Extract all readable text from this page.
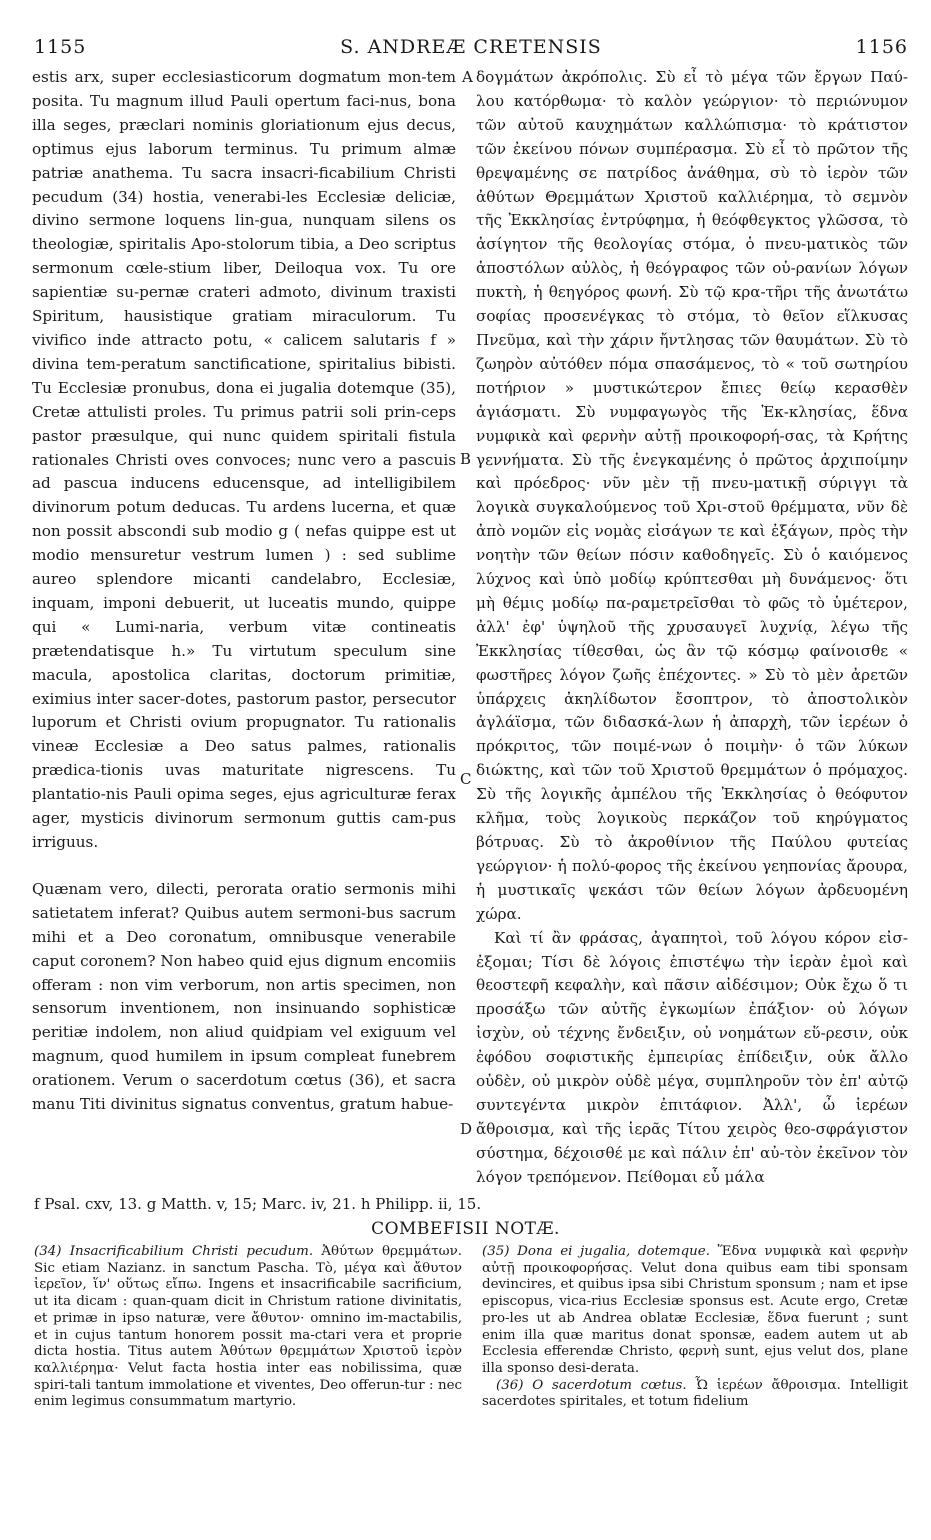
1155	S. ANDREÆ CRETENSIS	1156

estis arx, super ecclesiasticorum dogmatum mon-tem posita. Tu magnum illud Pauli opertum faci-nus, bona illa seges, præclari nominis gloriationum ejus decus, optimus ejus laborum terminus. Tu primum almæ patriæ anathema. Tu sacra insacri-ficabilium Christi pecudum (34) hostia, venerabi-les Ecclesiæ deliciæ, divino sermone loquens lin-gua, nunquam silens os theologiæ, spiritalis Apo-stolorum tibia, a Deo scriptus sermonum cœle-stium liber, Deiloqua vox. Tu ore sapientiæ su-pernæ crateri admoto, divinum traxisti Spiritum, hausistique gratiam miraculorum. Tu vivifico inde attracto potu, « calicem salutaris f » divina tem-peratum sanctificatione, spiritalius bibisti. Tu Ecclesiæ pronubus, dona ei jugalia dotemque (35), Cretæ attulisti proles. Tu primus patrii soli prin-ceps pastor præsulque, qui nunc quidem spiritali fistula rationales Christi oves convoces; nunc vero a pascuis ad pascua inducens educensque, ad intelligibilem divinorum potum deducas. Tu ardens lucerna, et quæ non possit abscondi sub modio g ( nefas quippe est ut modio mensuretur vestrum lumen ) : sed sublime aureo splendore micanti candelabro, Ecclesiæ, inquam, imponi debuerit, ut luceatis mundo, quippe qui « Lumi-naria, verbum vitæ contineatis prætendatisque h.» Tu virtutum speculum sine macula, apostolica claritas, doctorum primitiæ, eximius inter sacer-dotes, pastorum pastor, persecutor luporum et Christi ovium propugnator. Tu rationalis vineæ Ecclesiæ a Deo satus palmes, rationalis prædica-tionis uvas maturitate nigrescens. Tu plantatio-nis Pauli opima seges, ejus agriculturæ ferax ager, mysticis divinorum sermonum guttis cam-pus irriguus.

Quænam vero, dilecti, perorata oratio sermonis mihi satietatem inferat? Quibus autem sermoni-bus sacrum mihi et a Deo coronatum, omnibusque venerabile caput coronem? Non habeo quid ejus dignum encomiis offeram : non vim verborum, non artis specimen, non sensorum inventionem, non insinuando sophisticæ peritiæ indolem, non aliud quidpiam vel exiguum vel magnum, quod humilem in ipsum compleat funebrem orationem. Verum o sacerdotum cœtus (36), et sacra manu Titi divinitus signatus conventus, gratum habue-

A
B
C
D

δογμάτων ἀκρόπολις. Σὺ εἶ τὸ μέγα τῶν ἔργων Παύ-λου κατόρθωμα· τὸ καλὸν γεώργιον· τὸ περιώνυμον τῶν αὐτοῦ καυχημάτων καλλώπισμα· τὸ κράτιστον τῶν ἐκείνου πόνων συμπέρασμα. Σὺ εἶ τὸ πρῶτον τῆς θρεψαμένης σε πατρίδος ἀνάθημα, σὺ τὸ ἱερὸν τῶν ἀθύτων Θρεμμάτων Χριστοῦ καλλιέρημα, τὸ σεμνὸν τῆς Ἐκκλησίας ἐντρύφημα, ἡ θεόφθεγκτος γλῶσσα, τὸ ἀσίγητον τῆς θεολογίας στόμα, ὁ πνευ-ματικὸς τῶν ἀποστόλων αὐλὸς, ἡ θεόγραφος τῶν οὐ-ρανίων λόγων πυκτὴ, ἡ θεηγόρος φωνή. Σὺ τῷ κρα-τῆρι τῆς ἀνωτάτω σοφίας προσενέγκας τὸ στόμα, τὸ θεῖον εἵλκυσας Πνεῦμα, καὶ τὴν χάριν ἤντλησας τῶν θαυμάτων. Σὺ τὸ ζωηρὸν αὐτόθεν πόμα σπασάμενος, τὸ « τοῦ σωτηρίου ποτήριον » μυστικώτερον ἔπιες θείῳ κερασθὲν ἁγιάσματι. Σὺ νυμφαγωγὸς τῆς Ἐκ-κλησίας, ἕδνα νυμφικὰ καὶ φερνὴν αὐτῇ προικοφορή-σας, τὰ Κρήτης γεννήματα. Σὺ τῆς ἐνεγκαμένης ὁ πρῶτος ἀρχιποίμην καὶ πρόεδρος· νῦν μὲν τῇ πνευ-ματικῇ σύριγγι τὰ λογικὰ συγκαλούμενος τοῦ Χρι-στοῦ θρέμματα, νῦν δὲ ἀπὸ νομῶν εἰς νομὰς εἰσάγων τε καὶ ἐξάγων, πρὸς τὴν νοητὴν τῶν θείων πόσιν καθοδηγεῖς. Σὺ ὁ καιόμενος λύχνος καὶ ὑπὸ μοδίῳ κρύπτεσθαι μὴ δυνάμενος· ὅτι μὴ θέμις μοδίῳ πα-ραμετρεῖσθαι τὸ φῶς τὸ ὑμέτερον, ἀλλ' ἐφ' ὑψηλοῦ τῆς χρυσαυγεῖ λυχνίᾳ, λέγω τῆς Ἐκκλησίας τίθεσθαι, ὡς ἂν τῷ κόσμῳ φαίνοισθε « φωστῆρες λόγον ζωῆς ἐπέχοντες. » Σὺ τὸ μὲν ἀρετῶν ὑπάρχεις ἀκηλίδωτον ἔσοπτρον, τὸ ἀποστολικὸν ἀγλάϊσμα, τῶν διδασκά-λων ἡ ἀπαρχὴ, τῶν ἱερέων ὁ πρόκριτος, τῶν ποιμέ-νων ὁ ποιμὴν· ὁ τῶν λύκων διώκτης, καὶ τῶν τοῦ Χριστοῦ θρεμμάτων ὁ πρόμαχος. Σὺ τῆς λογικῆς ἀμπέλου τῆς Ἐκκλησίας ὁ θεόφυτον κλῆμα, τοὺς λογικοὺς περκάζον τοῦ κηρύγματος βότρυας. Σὺ τὸ ἀκροθίνιον τῆς Παύλου φυτείας γεώργιον· ἡ πολύ-φορος τῆς ἐκείνου γεηπονίας ἄρουρα, ἡ μυστικαῖς ψεκάσι τῶν θείων λόγων ἀρδευομένη χώρα.

Καὶ τί ἂν φράσας, ἀγαπητοὶ, τοῦ λόγου κόρον εἰσ-ἐξομαι; Τίσι δὲ λόγοις ἐπιστέψω τὴν ἱερὰν ἐμοὶ καὶ θεοστεφῆ κεφαλὴν, καὶ πᾶσιν αἰδέσιμον; Οὐκ ἔχω ὅ τι προσάξω τῶν αὐτῆς ἐγκωμίων ἐπάξιον· οὐ λόγων ἰσχὺν, οὐ τέχνης ἔνδειξιν, οὐ νοημάτων εὕ-ρεσιν, οὐκ ἐφόδου σοφιστικῆς ἐμπειρίας ἐπίδειξιν, οὐκ ἄλλο οὐδὲν, οὐ μικρὸν οὐδὲ μέγα, συμπληροῦν τὸν ἐπ' αὐτῷ συντεγέντα μικρὸν ἐπιτάφιον. Ἀλλ', ὦ ἱερέων ἄθροισμα, καὶ τῆς ἱερᾶς Τίτου χειρὸς θεο-σφράγιστον σύστημα, δέχοισθέ με καὶ πάλιν ἐπ' αὐ-τὸν ἐκεῖνον τὸν λόγον τρεπόμενον. Πείθομαι εὖ μάλα

f Psal. cxv, 13. g Matth. v, 15; Marc. iv, 21. h Philipp. ii, 15.
COMBEFISII NOTÆ.

(34) Insacrificabilium Christi pecudum. Ἀθύτων θρεμμάτων. Sic etiam Nazianz. in sanctum Pascha. Τὸ, μέγα καὶ ἄθυτον ἱερεῖον, ἵν' οὕτως εἴπω. Ingens et insacrificabile sacrificium, ut ita dicam : quan-quam dicit in Christum ratione divinitatis, et primæ in ipso naturæ, vere ἄθυτον· omnino im-mactabilis, et in cujus tantum honorem possit ma-ctari vera et proprie dicta hostia. Titus autem Ἀθύτων θρεμμάτων Χριστοῦ ἱερὸν καλλιέρημα· Velut facta hostia inter eas nobilissima, quæ spiri-tali tantum immolatione et viventes, Deo offerun-tur : nec enim legimus consummatum martyrio.

(35) Dona ei jugalia, dotemque. Ἕδνα νυμφικὰ καὶ φερνὴν αὐτῇ προικοφορήσας. Velut dona quibus eam tibi sponsam devincires, et quibus ipsa sibi Christum sponsum ; nam et ipse episcopus, vica-rius Ecclesiæ sponsus est. Acute ergo, Cretæ pro-les ut ab Andrea oblatæ Ecclesiæ, ἕδνα fuerunt ; sunt enim illa quæ maritus donat sponsæ, eadem autem ut ab Ecclesia efferendæ Christo, φερνὴ sunt, ejus velut dos, plane illa sponso desi-derata.

(36) O sacerdotum cœtus. Ὦ ἱερέων ἄθροισμα. Intelligit sacerdotes spiritales, et totum fidelium
